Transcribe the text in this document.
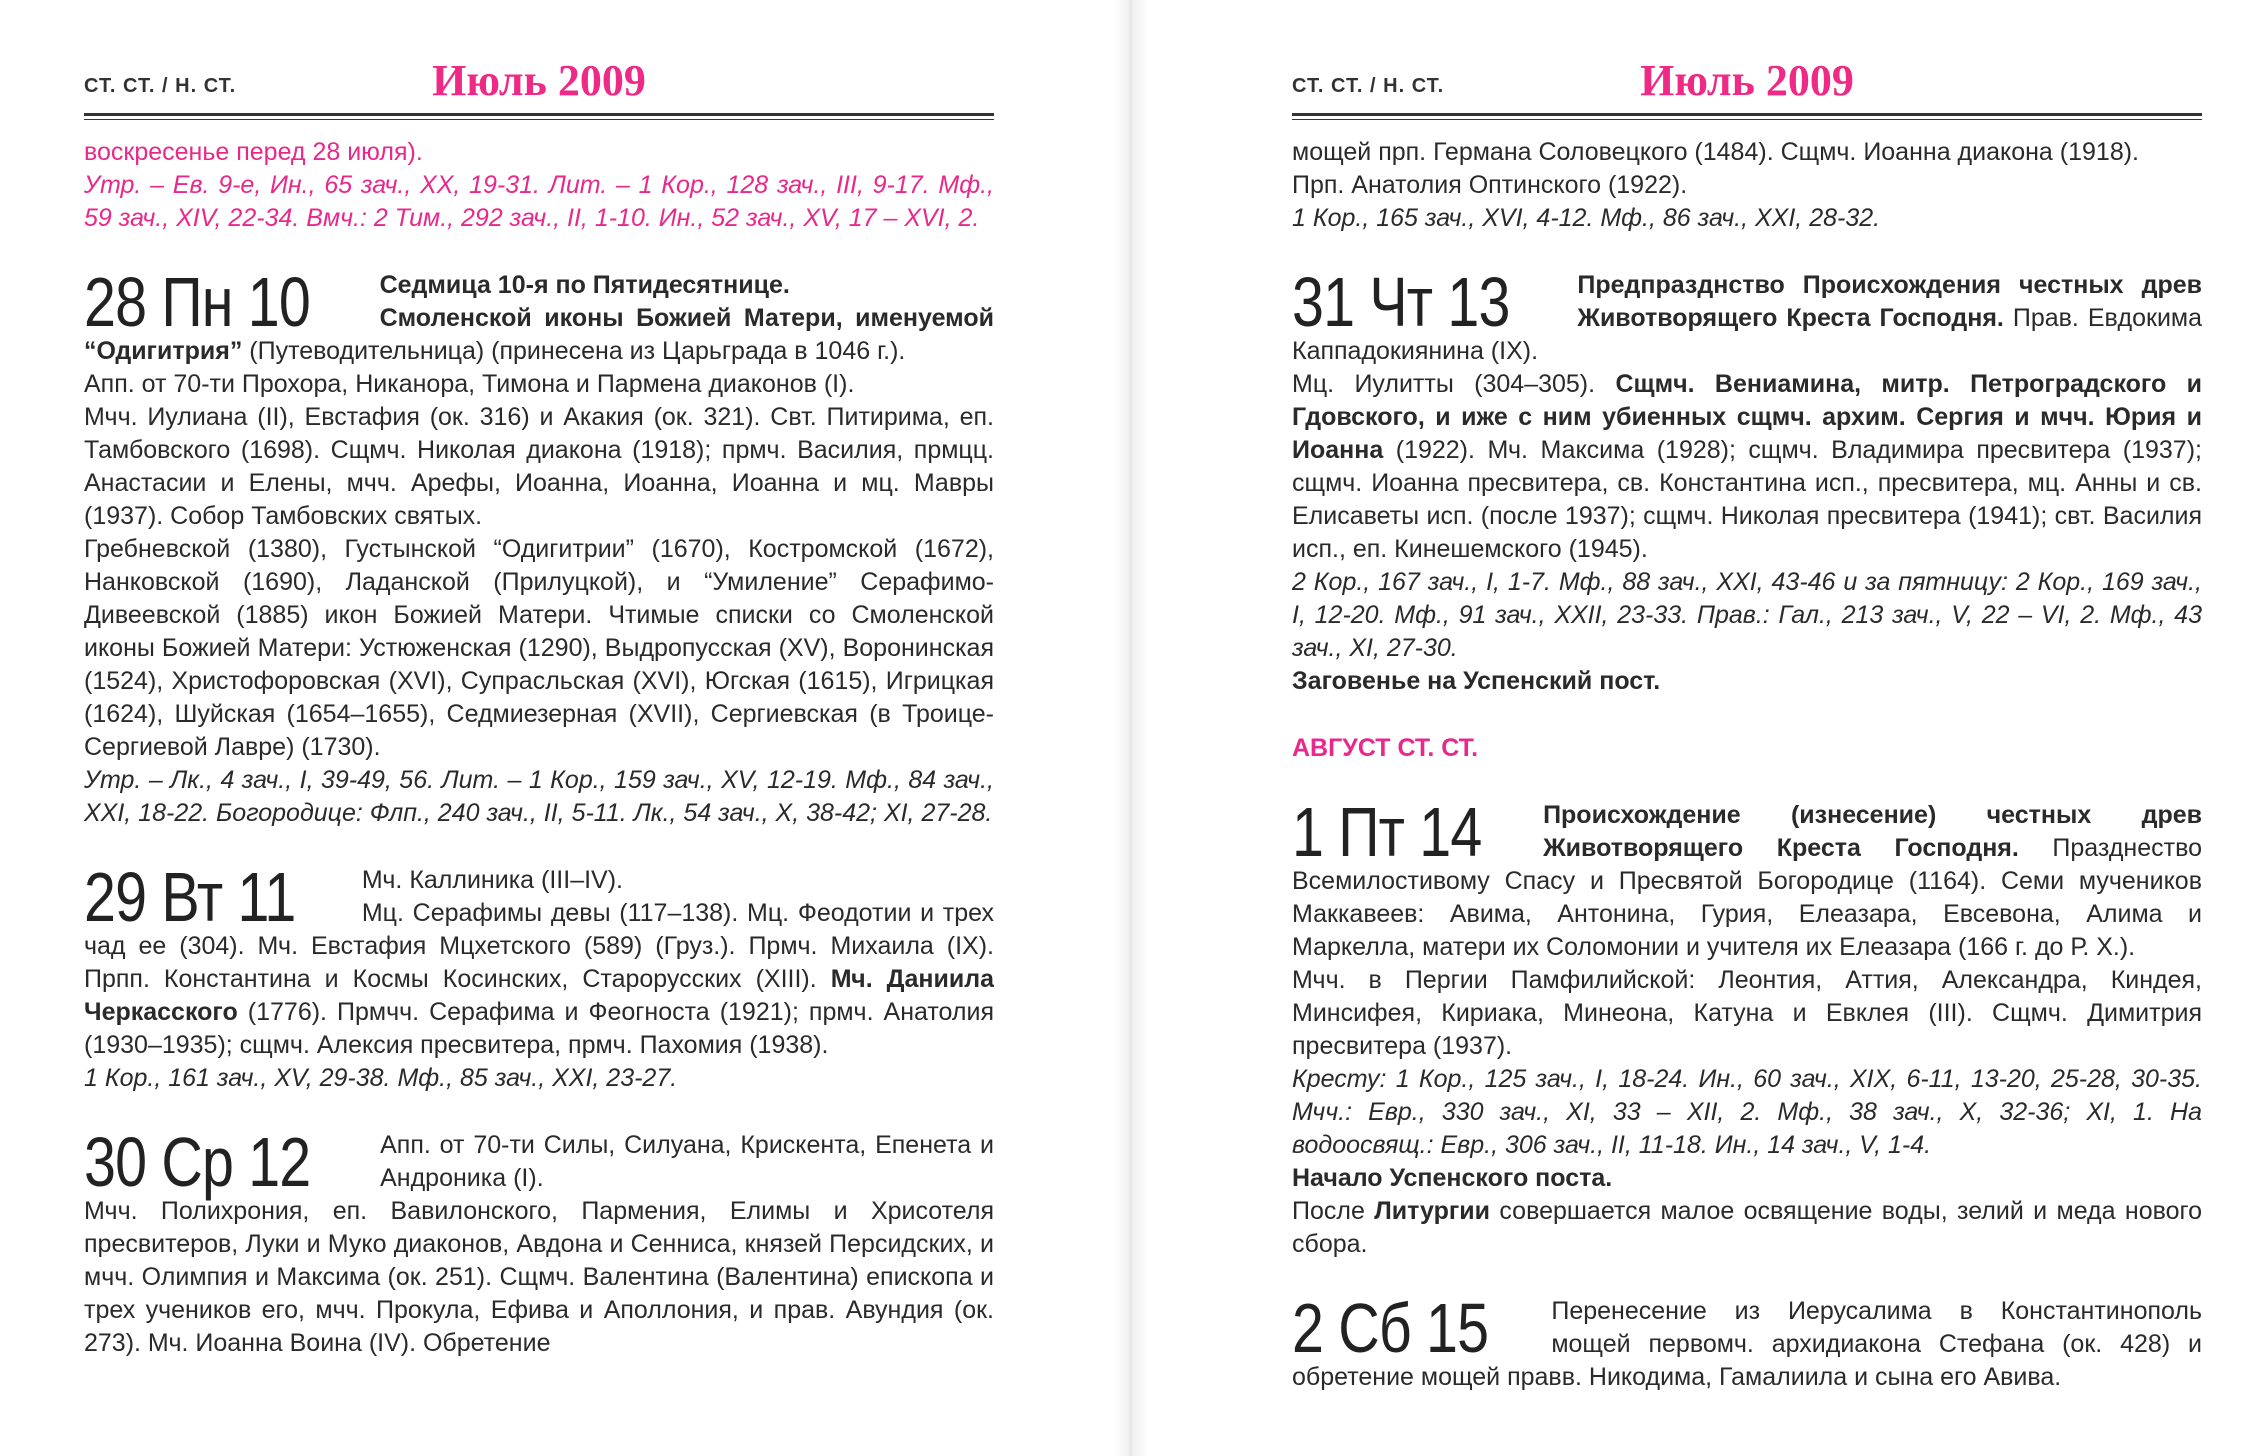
СТ. СТ. / Н. СТ.	Июль 2009

воскресенье перед 28 июля).

Утр. – Ев. 9-е, Ин., 65 зач., XX, 19-31. Лит. – 1 Кор., 128 зач., III, 9-17. Мф., 59 зач., XIV, 22-34. Вмч.: 2 Тим., 292 зач., II, 1-10. Ин., 52 зач., XV, 17 – XVI, 2.

28 Пн 10	Седмица 10-я по Пятидесятнице.
Смоленской иконы Божией Матери, именуемой “Одигитрия” (Путеводительница) (принесена из Царьграда в 1046 г.).

Апп. от 70-ти Прохора, Никанора, Тимона и Пармена диаконов (I).

Мчч. Иулиана (II), Евстафия (ок. 316) и Акакия (ок. 321). Свт. Питирима, еп. Тамбовского (1698). Сщмч. Николая диакона (1918); прмч. Василия, прмцц. Анастасии и Елены, мчч. Арефы, Иоанна, Иоанна, Иоанна и мц. Мавры (1937). Собор Тамбовских святых.

Гребневской (1380), Густынской “Одигитрии” (1670), Костромской (1672), Нанковской (1690), Ладанской (Прилуцкой), и “Умиление” Серафимо-Дивеевской (1885) икон Божией Матери. Чтимые списки со Смоленской иконы Божией Матери: Устюженская (1290), Выдропусская (XV), Воронинская (1524), Христофоровская (XVI), Супрасльская (XVI), Югская (1615), Игрицкая (1624), Шуйская (1654–1655), Седмиезерная (XVII), Сергиевская (в Троице-Сергиевой Лавре) (1730).

Утр. – Лк., 4 зач., I, 39-49, 56. Лит. – 1 Кор., 159 зач., XV, 12-19. Мф., 84 зач., XXI, 18-22. Богородице: Флп., 240 зач., II, 5-11. Лк., 54 зач., X, 38-42; XI, 27-28.

29 Вт 11	Мч. Каллиника (III–IV).
Мц. Серафимы девы (117–138). Мц. Феодотии и трех чад ее (304). Мч. Евстафия Мцхетского (589) (Груз.). Прмч. Михаила (IX). Прпп. Константина и Космы Косинских, Старорусских (XIII). Мч. Даниила Черкасского (1776). Прмчч. Серафима и Феогноста (1921); прмч. Анатолия (1930–1935); сщмч. Алексия пресвитера, прмч. Пахомия (1938).

1 Кор., 161 зач., XV, 29-38. Мф., 85 зач., XXI, 23-27.

30 Ср 12	Апп. от 70-ти Силы, Силуана, Крискента, Епенета и Андроника (I).

Мчч. Полихрония, еп. Вавилонского, Пармения, Елимы и Хрисотеля пресвитеров, Луки и Муко диаконов, Авдона и Сенниса, князей Персидских, и мчч. Олимпия и Максима (ок. 251). Сщмч. Валентина (Валентина) епископа и трех учеников его, мчч. Прокула, Ефива и Аполлония, и прав. Авундия (ок. 273). Мч. Иоанна Воина (IV). Обретение

СТ. СТ. / Н. СТ.	Июль 2009

мощей прп. Германа Соловецкого (1484). Сщмч. Иоанна диакона (1918).

Прп. Анатолия Оптинского (1922).

1 Кор., 165 зач., XVI, 4-12. Мф., 86 зач., XXI, 28-32.

31 Чт 13	Предпразднство Происхождения честных древ Животворящего Креста Господня. Прав. Евдокима Каппадокиянина (IX).

Мц. Иулитты (304–305). Сщмч. Вениамина, митр. Петроградского и Гдовского, и иже с ним убиенных сщмч. архим. Сергия и мчч. Юрия и Иоанна (1922). Мч. Максима (1928); сщмч. Владимира пресвитера (1937); сщмч. Иоанна пресвитера, св. Константина исп., пресвитера, мц. Анны и св. Елисаветы исп. (после 1937); сщмч. Николая пресвитера (1941); свт. Василия исп., еп. Кинешемского (1945).

2 Кор., 167 зач., I, 1-7. Мф., 88 зач., XXI, 43-46 и за пятницу: 2 Кор., 169 зач., I, 12-20. Мф., 91 зач., XXII, 23-33. Прав.: Гал., 213 зач., V, 22 – VI, 2. Мф., 43 зач., XI, 27-30.

Заговенье на Успенский пост.

АВГУСТ СТ. СТ.

1 Пт 14	Происхождение (изнесение) честных древ Животворящего Креста Господня. Празднество Всемилостивому Спасу и Пресвятой Богородице (1164). Семи мучеников Маккавеев: Авима, Антонина, Гурия, Елеазара, Евсевона, Алима и Маркелла, матери их Соломонии и учителя их Елеазара (166 г. до Р. Х.).

Мчч. в Пергии Памфилийской: Леонтия, Аттия, Александра, Киндея, Минсифея, Кириака, Минеона, Катуна и Евклея (III). Сщмч. Димитрия пресвитера (1937).

Кресту: 1 Кор., 125 зач., I, 18-24. Ин., 60 зач., XIX, 6-11, 13-20, 25-28, 30-35. Мчч.: Евр., 330 зач., XI, 33 – XII, 2. Мф., 38 зач., X, 32-36; XI, 1. На водоосвящ.: Евр., 306 зач., II, 11-18. Ин., 14 зач., V, 1-4.

Начало Успенского поста.

После Литургии совершается малое освящение воды, зелий и меда нового сбора.

2 Сб 15	Перенесение из Иерусалима в Константинополь мощей первомч. архидиакона Стефана (ок. 428) и обретение мощей правв. Никодима, Гамалиила и сына его Авива.
